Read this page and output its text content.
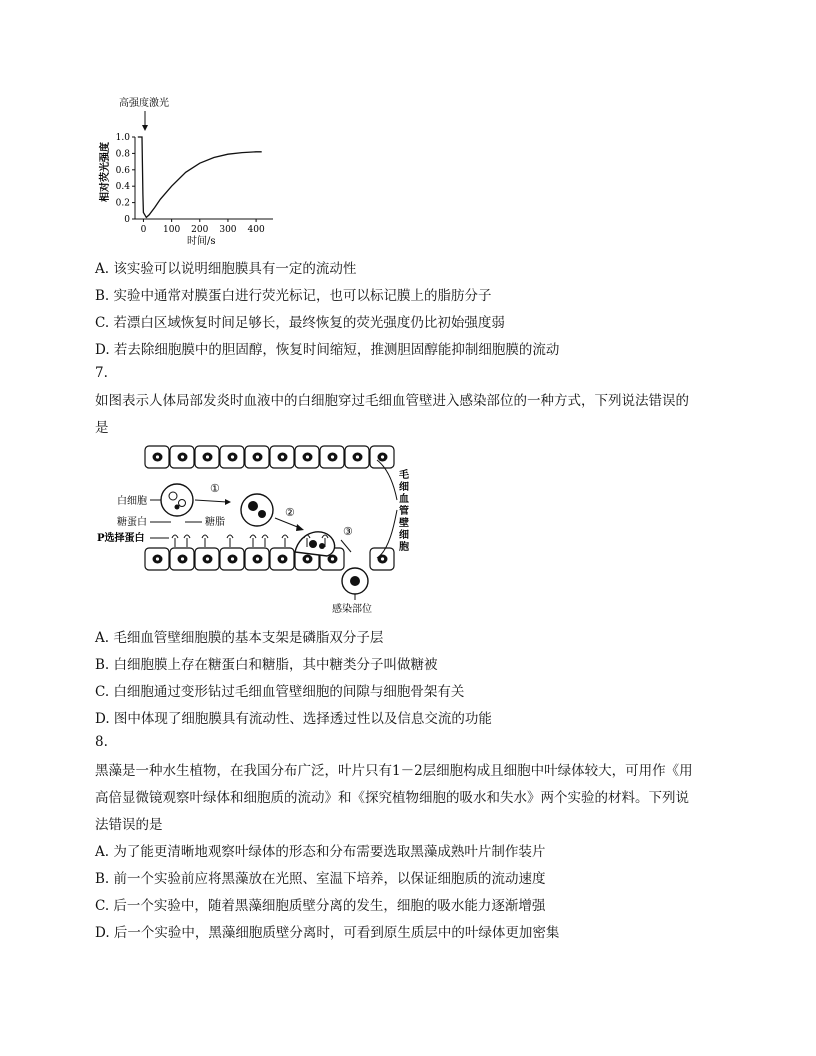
高强度激光
相对荧光强度
0
0.2
0.4
0.6
0.8
1.0
0 100 200 300 400
时间/s
A. 该实验可以说明细胞膜具有一定的流动性
B. 实验中通常对膜蛋白进行荧光标记，也可以标记膜上的脂肪分子
C. 若漂白区域恢复时间足够长，最终恢复的荧光强度仍比初始强度弱
D. 若去除细胞膜中的胆固醇，恢复时间缩短，推测胆固醇能抑制细胞膜的流动
7.
如图表示人体局部发炎时血液中的白细胞穿过毛细血管壁进入感染部位的一种方式，下列说法错误的
是
毛
细
血
管
壁
细
胞
①
②
③
感染部位
白细胞
糖蛋白	糖脂
P选择蛋白
A. 毛细血管壁细胞膜的基本支架是磷脂双分子层
B. 白细胞膜上存在糖蛋白和糖脂，其中糖类分子叫做糖被
C. 白细胞通过变形钻过毛细血管壁细胞的间隙与细胞骨架有关
D. 图中体现了细胞膜具有流动性、选择透过性以及信息交流的功能
8.
黑藻是一种水生植物，在我国分布广泛，叶片只有1－2层细胞构成且细胞中叶绿体较大，可用作《用
高倍显微镜观察叶绿体和细胞质的流动》和《探究植物细胞的吸水和失水》两个实验的材料。下列说
法错误的是
A. 为了能更清晰地观察叶绿体的形态和分布需要选取黑藻成熟叶片制作装片
B. 前一个实验前应将黑藻放在光照、室温下培养，以保证细胞质的流动速度
C. 后一个实验中，随着黑藻细胞质壁分离的发生，细胞的吸水能力逐渐增强
D. 后一个实验中，黑藻细胞质壁分离时，可看到原生质层中的叶绿体更加密集
